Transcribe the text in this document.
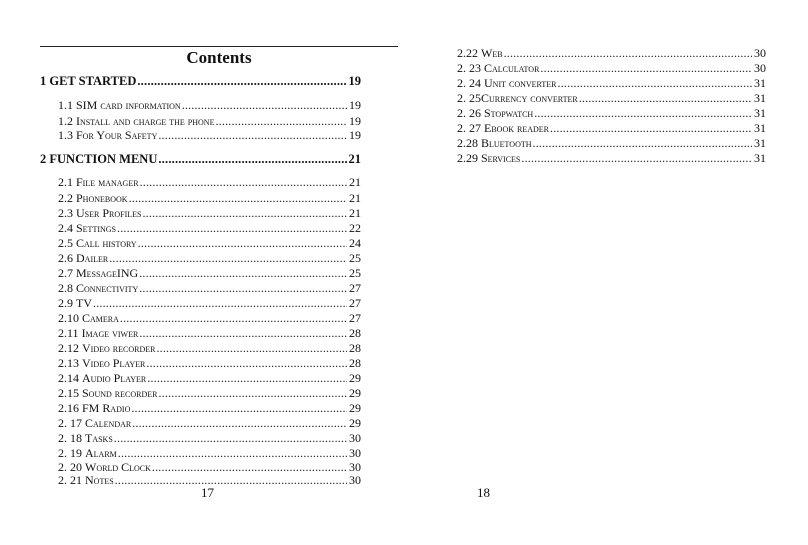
Contents
1 GET STARTED .....	19
1.1 SIM card information .....	19
1.2 Install and charge the phone .....	19
1.3 For Your Safety .....	19
2 FUNCTION MENU .....	21
2.1 File manager .....	21
2.2 Phonebook .....	21
2.3 User Profiles .....	21
2.4 Settings .....	22
2.5 Call history .....	24
2.6 Dailer .....	25
2.7 MessageING .....	25
2.8 Connectivity .....	27
2.9 TV .....	27
2.10 Camera .....	27
2.11 Image viwer .....	28
2.12 Video recorder .....	28
2.13 Video Player .....	28
2.14 Audio Player .....	29
2.15 Sound recorder .....	29
2.16 FM Radio .....	29
2. 17 Calendar .....	29
2. 18 Tasks .....	30
2. 19 Alarm .....	30
2. 20 World Clock .....	30
2. 21 Notes .....	30
17
2.22 Web .....	30
2. 23 Calculator .....	30
2. 24 Unit converter .....	31
2. 25Currency converter .....	31
2. 26 Stopwatch .....	31
2. 27 Ebook reader .....	31
2.28 Bluetooth .....	31
2.29 Services .....	31
18
